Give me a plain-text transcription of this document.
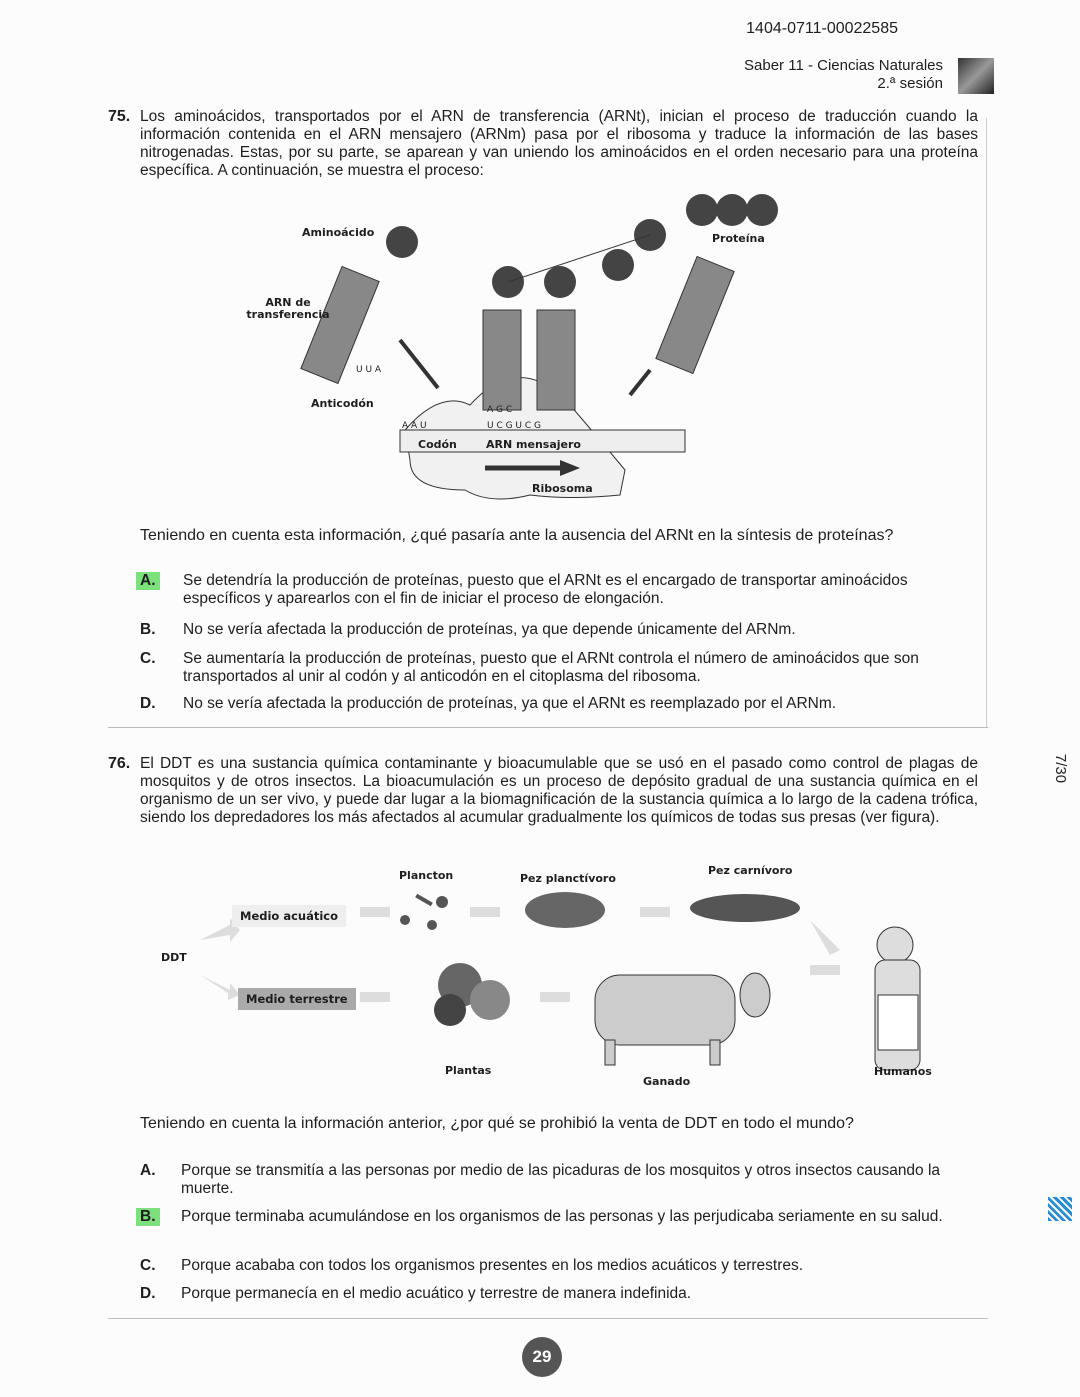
1404-0711-00022585
Saber 11 - Ciencias Naturales
2.ª sesión
75. Los aminoácidos, transportados por el ARN de transferencia (ARNt), inician el proceso de traducción cuando la información contenida en el ARN mensajero (ARNm) pasa por el ribosoma y traduce la información de las bases nitrogenadas. Estas, por su parte, se aparean y van uniendo los aminoácidos en el orden necesario para una proteína específica. A continuación, se muestra el proceso:
Aminoácido	Proteína
ARN de transferencia
Anticodón
U U A
A A U
A G C
U C G U C G
Codón	ARN mensajero
Ribosoma
Teniendo en cuenta esta información, ¿qué pasaría ante la ausencia del ARNt en la síntesis de proteínas?
A. Se detendría la producción de proteínas, puesto que el ARNt es el encargado de transportar aminoácidos específicos y aparearlos con el fin de iniciar el proceso de elongación.
B. No se vería afectada la producción de proteínas, ya que depende únicamente del ARNm.
C. Se aumentaría la producción de proteínas, puesto que el ARNt controla el número de aminoácidos que son transportados al unir al codón y al anticodón en el citoplasma del ribosoma.
D. No se vería afectada la producción de proteínas, ya que el ARNt es reemplazado por el ARNm.
76. El DDT es una sustancia química contaminante y bioacumulable que se usó en el pasado como control de plagas de mosquitos y de otros insectos. La bioacumulación es un proceso de depósito gradual de una sustancia química en el organismo de un ser vivo, y puede dar lugar a la biomagnificación de la sustancia química a lo largo de la cadena trófica, siendo los depredadores los más afectados al acumular gradualmente los químicos de todas sus presas (ver figura).
7/30
DDT
Medio acuático
Medio terrestre
Plancton	Pez planctívoro
Pez carnívoro
Plantas
Ganado
Humanos
Teniendo en cuenta la información anterior, ¿por qué se prohibió la venta de DDT en todo el mundo?
A. Porque se transmitía a las personas por medio de las picaduras de los mosquitos y otros insectos causando la muerte.
B. Porque terminaba acumulándose en los organismos de las personas y las perjudicaba seriamente en su salud.
C. Porque acababa con todos los organismos presentes en los medios acuáticos y terrestres.
D. Porque permanecía en el medio acuático y terrestre de manera indefinida.
29
